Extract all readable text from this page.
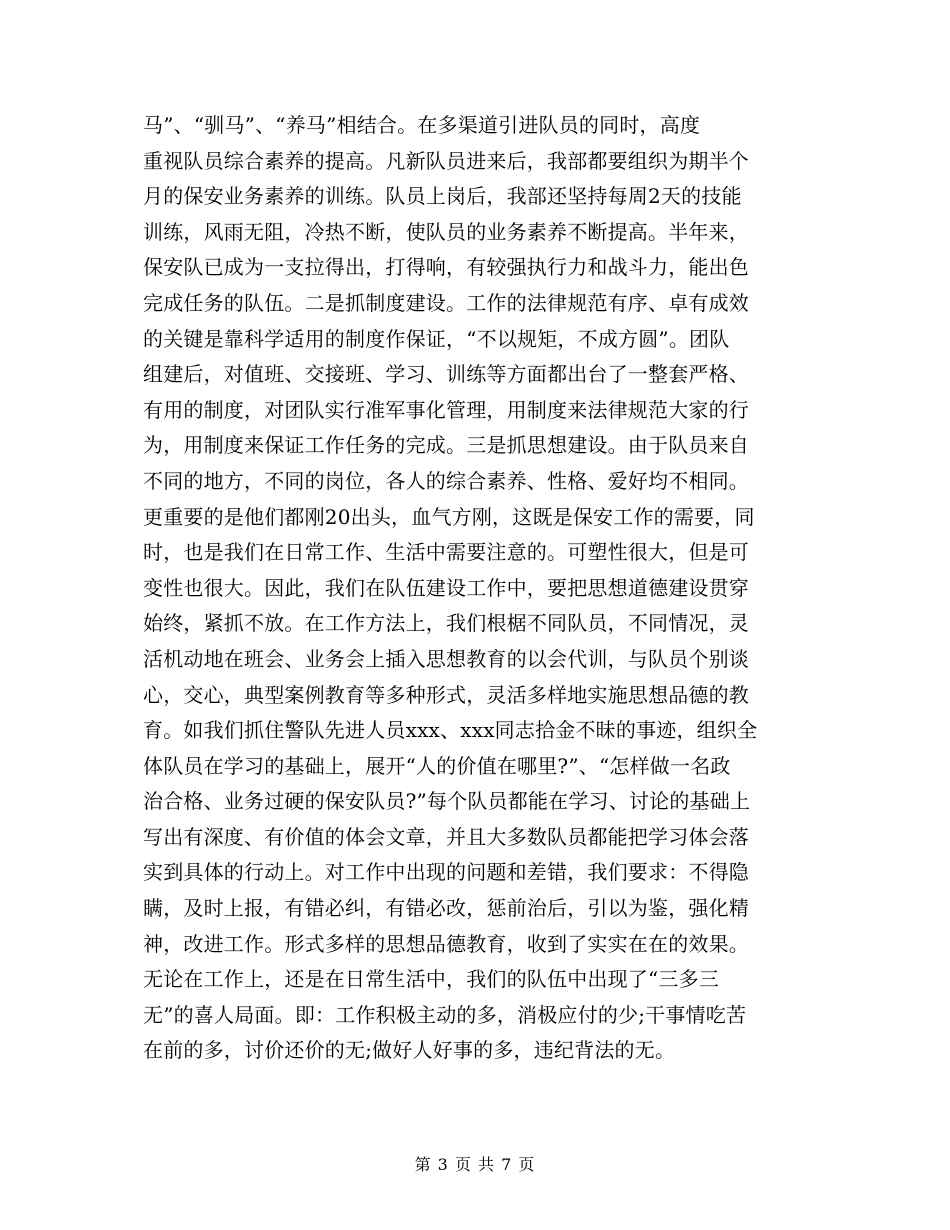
马”、“驯马”、“养马”相结合。在多渠道引进队员的同时，高度
重视队员综合素养的提高。凡新队员进来后，我部都要组织为期半个
月的保安业务素养的训练。队员上岗后，我部还坚持每周2天的技能
训练，风雨无阻，冷热不断，使队员的业务素养不断提高。半年来，
保安队已成为一支拉得出，打得响，有较强执行力和战斗力，能出色
完成任务的队伍。二是抓制度建设。工作的法律规范有序、卓有成效
的关键是靠科学适用的制度作保证，“不以规矩，不成方圆”。团队
组建后，对值班、交接班、学习、训练等方面都出台了一整套严格、
有用的制度，对团队实行准军事化管理，用制度来法律规范大家的行
为，用制度来保证工作任务的完成。三是抓思想建设。由于队员来自
不同的地方，不同的岗位，各人的综合素养、性格、爱好均不相同。
更重要的是他们都刚20出头，血气方刚，这既是保安工作的需要，同
时，也是我们在日常工作、生活中需要注意的。可塑性很大，但是可
变性也很大。因此，我们在队伍建设工作中，要把思想道德建设贯穿
始终，紧抓不放。在工作方法上，我们根椐不同队员，不同情况，灵
活机动地在班会、业务会上插入思想教育的以会代训，与队员个别谈
心，交心，典型案例教育等多种形式，灵活多样地实施思想品德的教
育。如我们抓住警队先进人员xxx、xxx同志拾金不昧的事迹，组织全
体队员在学习的基础上，展开“人的价值在哪里?”、“怎样做一名政
治合格、业务过硬的保安队员?”每个队员都能在学习、讨论的基础上
写出有深度、有价值的体会文章，并且大多数队员都能把学习体会落
实到具体的行动上。对工作中出现的问题和差错，我们要求：不得隐
瞒，及时上报，有错必纠，有错必改，惩前治后，引以为鉴，强化精
神，改进工作。形式多样的思想品德教育，收到了实实在在的效果。
无论在工作上，还是在日常生活中，我们的队伍中出现了“三多三
无”的喜人局面。即：工作积极主动的多，消极应付的少;干事情吃苦
在前的多，讨价还价的无;做好人好事的多，违纪背法的无。
第 3 页 共 7 页
